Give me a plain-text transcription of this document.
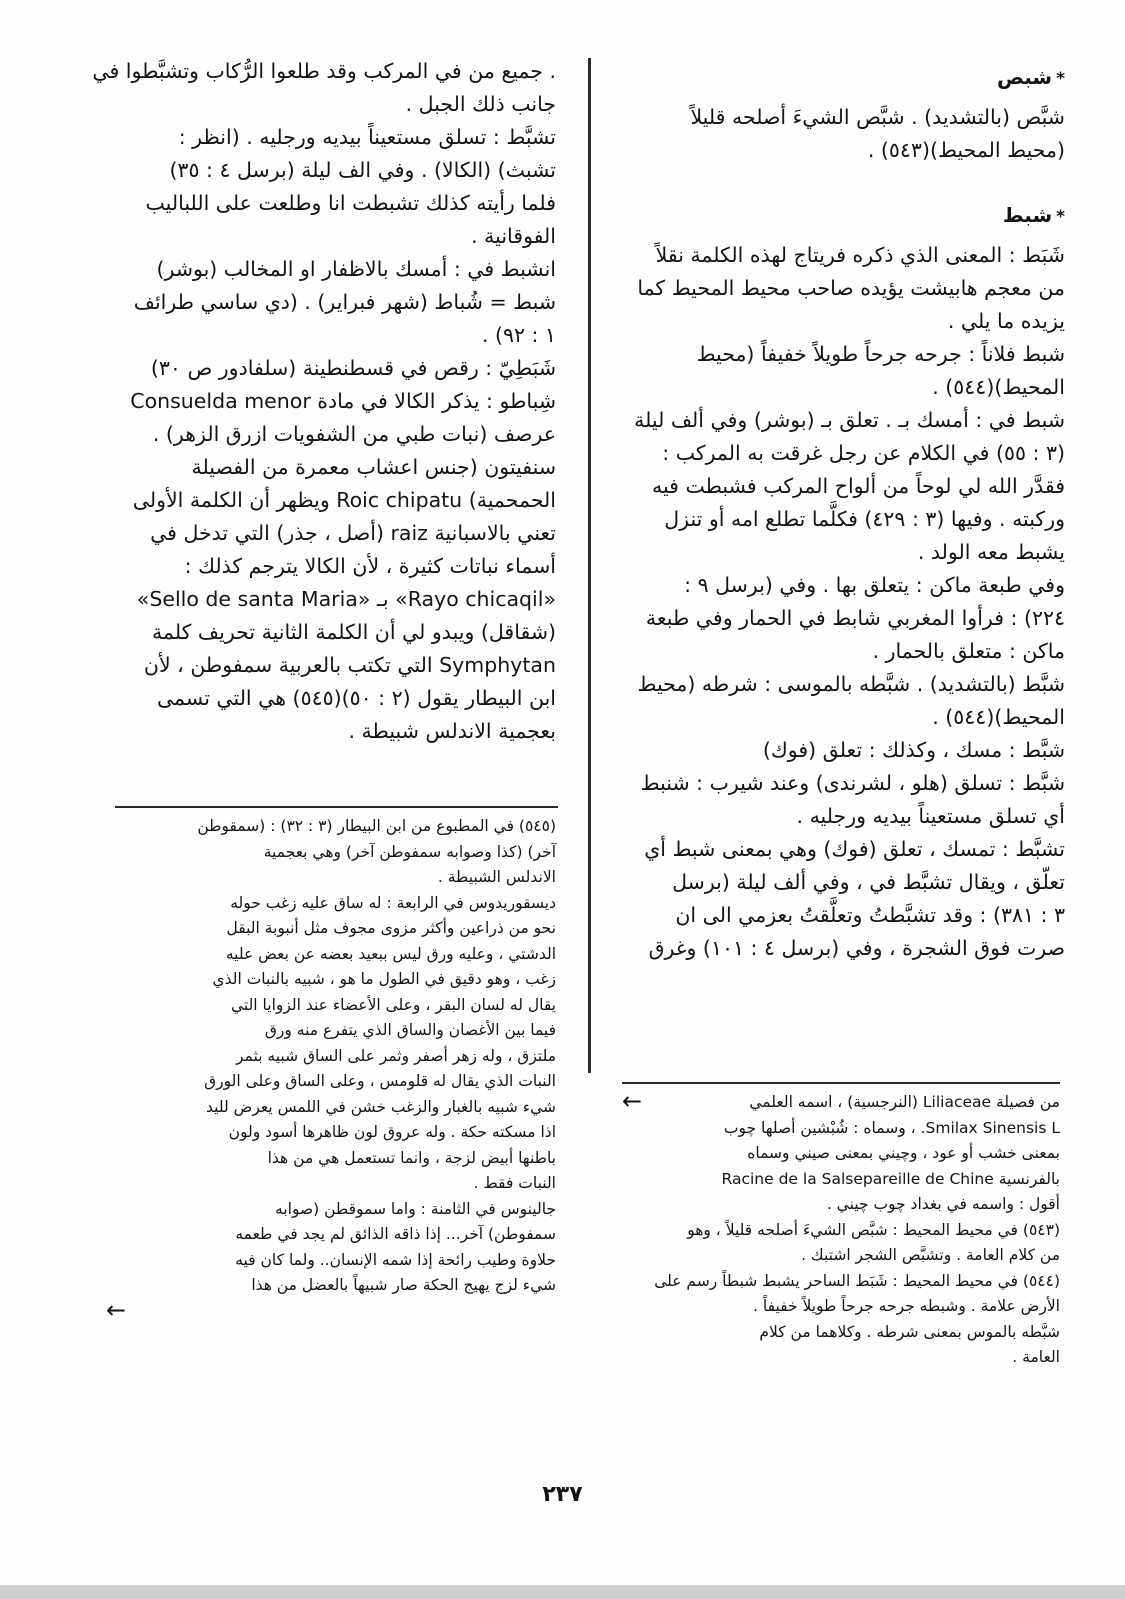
*شبص
شبَّص (بالتشديد) . شبَّص الشيءَ أصلحه قليلاً
(محيط المحيط)(٥٤٣) .
*شبط
شَبَط : المعنى الذي ذكره فريتاج لهذه الكلمة نقلاً
من معجم هابيشت يؤيده صاحب محيط المحيط كما
يزيده ما يلي .
شبط فلاناً : جرحه جرحاً طويلاً خفيفاً (محيط
المحيط)(٥٤٤) .
شبط في : أمسك بـ . تعلق بـ (بوشر) وفي ألف ليلة
(٣ : ٥٥) في الكلام عن رجل غرقت به المركب :
فقدَّر الله لي لوحاً من ألواح المركب فشبطت فيه
وركبته . وفيها (٣ : ٤٢٩) فكلَّما تطلع امه أو تنزل
يشبط معه الولد .
وفي طبعة ماكن : يتعلق بها . وفي (برسل ٩ :
٢٢٤) : فرأوا المغربي شابط في الحمار وفي طبعة
ماكن : متعلق بالحمار .
شبَّط (بالتشديد) . شبَّطه بالموسى : شرطه (محيط
المحيط)(٥٤٤) .
شبَّط : مسك ، وكذلك : تعلق (فوك)
شبَّط : تسلق (هلو ، لشرندى) وعند شيرب : شنبط
أي تسلق مستعيناً بيديه ورجليه .
تشبَّط : تمسك ، تعلق (فوك) وهي بمعنى شبط أي
تعلّق ، ويقال تشبَّط في ، وفي ألف ليلة (برسل
٣ : ٣٨١) : وقد تشبَّطتُ وتعلَّقتُ بعزمي الى ان
صرت فوق الشجرة ، وفي (برسل ٤ : ١٠١) وغرق
←	من فصيلة Liliaceae (النرجسية) ، اسمه العلمي
Smilax Sinensis L. ، وسماه : شُبْشين أصلها چوب
بمعنى خشب أو عود ، وچيني بمعنى صيني وسماه
بالفرنسية Racine de la Salsepareille de Chine
أقول : واسمه في بغداد چوب چيني .
(٥٤٣) في محيط المحيط : شبَّص الشيءَ أصلحه قليلاً ، وهو
من كلام العامة . وتشبَّص الشجر اشتبك .
(٥٤٤) في محيط المحيط : شَبَط الساحر يشبط شبطاً رسم على
الأرض علامة . وشبطه جرحه جرحاً طويلاً خفيفاً .
شبَّطه بالموس بمعنى شرطه . وكلاهما من كلام
العامة .
. جميع من في المركب وقد طلعوا الرُّكاب وتشبَّطوا في
جانب ذلك الجبل .
تشبَّط : تسلق مستعيناً بيديه ورجليه . (انظر :
تشبث) (الكالا) . وفي الف ليلة (برسل ٤ : ٣٥)
فلما رأيته كذلك تشبطت انا وطلعت على اللباليب
الفوقانية .
انشبط في : أمسك بالاظفار او المخالب (بوشر)
شبط = شُباط (شهر فبراير) . (دي ساسي طرائف
١ : ٩٢) .
شَبَطِيّ : رقص في قسطنطينة (سلفادور ص ٣٠)
شِباطو : يذكر الكالا في مادة Consuelda menor
عرصف (نبات طبي من الشفويات ازرق الزهر) .
سنفيتون (جنس اعشاب معمرة من الفصيلة
الحمحمية) Roic chipatu ويظهر أن الكلمة الأولى
تعني بالاسبانية raiz (أصل ، جذر) التي تدخل في
أسماء نباتات كثيرة ، لأن الكالا يترجم كذلك :
«Rayo chicaqil» بـ «Sello de santa Maria»
(شقاقل) ويبدو لي أن الكلمة الثانية تحريف كلمة
Symphytan التي تكتب بالعربية سمفوطن ، لأن
ابن البيطار يقول (٢ : ٥٠)(٥٤٥) هي التي تسمى
بعجمية الاندلس شبيطة .
(٥٤٥) في المطبوع من ابن البيطار (٣ : ٣٢) : (سمقوطن
آخر) (كذا وصوابه سمفوطن آخر) وهي بعجمية
الاندلس الشبيطة .
ديسقوريدوس في الرابعة : له ساق عليه زغب حوله
نحو من ذراعين وأكثر مزوى مجوف مثل أنبوبة البقل
الدشتي ، وعليه ورق ليس ببعيد بعضه عن بعض عليه
زغب ، وهو دقيق في الطول ما هو ، شبيه بالنبات الذي
يقال له لسان البقر ، وعلى الأعضاء عند الزوايا التي
فيما بين الأغصان والساق الذي يتفرع منه ورق
ملتزق ، وله زهر أصفر وثمر على الساق شبيه بثمر
النبات الذي يقال له قلومس ، وعلى الساق وعلى الورق
شيء شبيه بالغبار والزغب خشن في اللمس يعرض لليد
اذا مسكته حكة . وله عروق لون ظاهرها أسود ولون
باطنها أبيض لزجة ، وانما تستعمل هي من هذا
النبات فقط .
جالينوس في الثامنة : واما سموقطن (صوابه
سمفوطن) آخر... إذا ذاقه الذائق لم يجد في طعمه
حلاوة وطيب رائحة إذا شمه الإنسان.. ولما كان فيه
شيء لزج يهيج الحكة صار شبيهاً بالعضل من هذا
←
٢٣٧
